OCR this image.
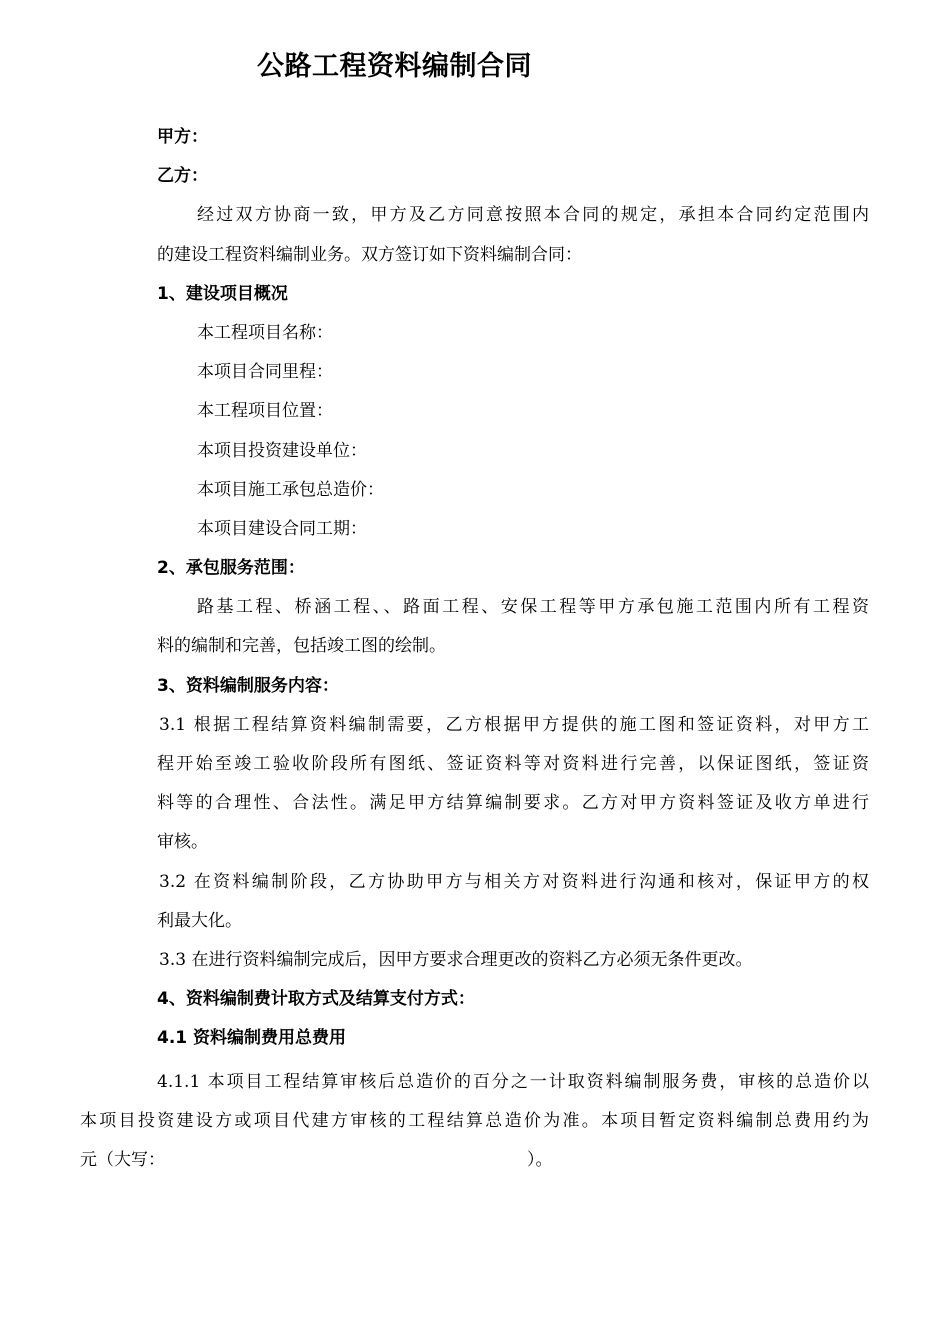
公路工程资料编制合同
甲方：
乙方：
经过双方协商一致，甲方及乙方同意按照本合同的规定，承担本合同约定范围内
的建设工程资料编制业务。双方签订如下资料编制合同：
1、建设项目概况
本工程项目名称：
本项目合同里程：
本工程项目位置：
本项目投资建设单位：
本项目施工承包总造价：
本项目建设合同工期：
2、承包服务范围：
路基工程、桥涵工程、、路面工程、安保工程等甲方承包施工范围内所有工程资
料的编制和完善，包括竣工图的绘制。
3、资料编制服务内容：
3.1 根据工程结算资料编制需要，乙方根据甲方提供的施工图和签证资料，对甲方工
程开始至竣工验收阶段所有图纸、签证资料等对资料进行完善，以保证图纸，签证资
料等的合理性、合法性。满足甲方结算编制要求。乙方对甲方资料签证及收方单进行
审核。
3.2 在资料编制阶段，乙方协助甲方与相关方对资料进行沟通和核对，保证甲方的权
利最大化。
3.3 在进行资料编制完成后，因甲方要求合理更改的资料乙方必须无条件更改。
4、资料编制费计取方式及结算支付方式：
4.1 资料编制费用总费用
4.1.1 本项目工程结算审核后总造价的百分之一计取资料编制服务费，审核的总造价以
本项目投资建设方或项目代建方审核的工程结算总造价为准。本项目暂定资料编制总费用约为
元（大写：	）。
